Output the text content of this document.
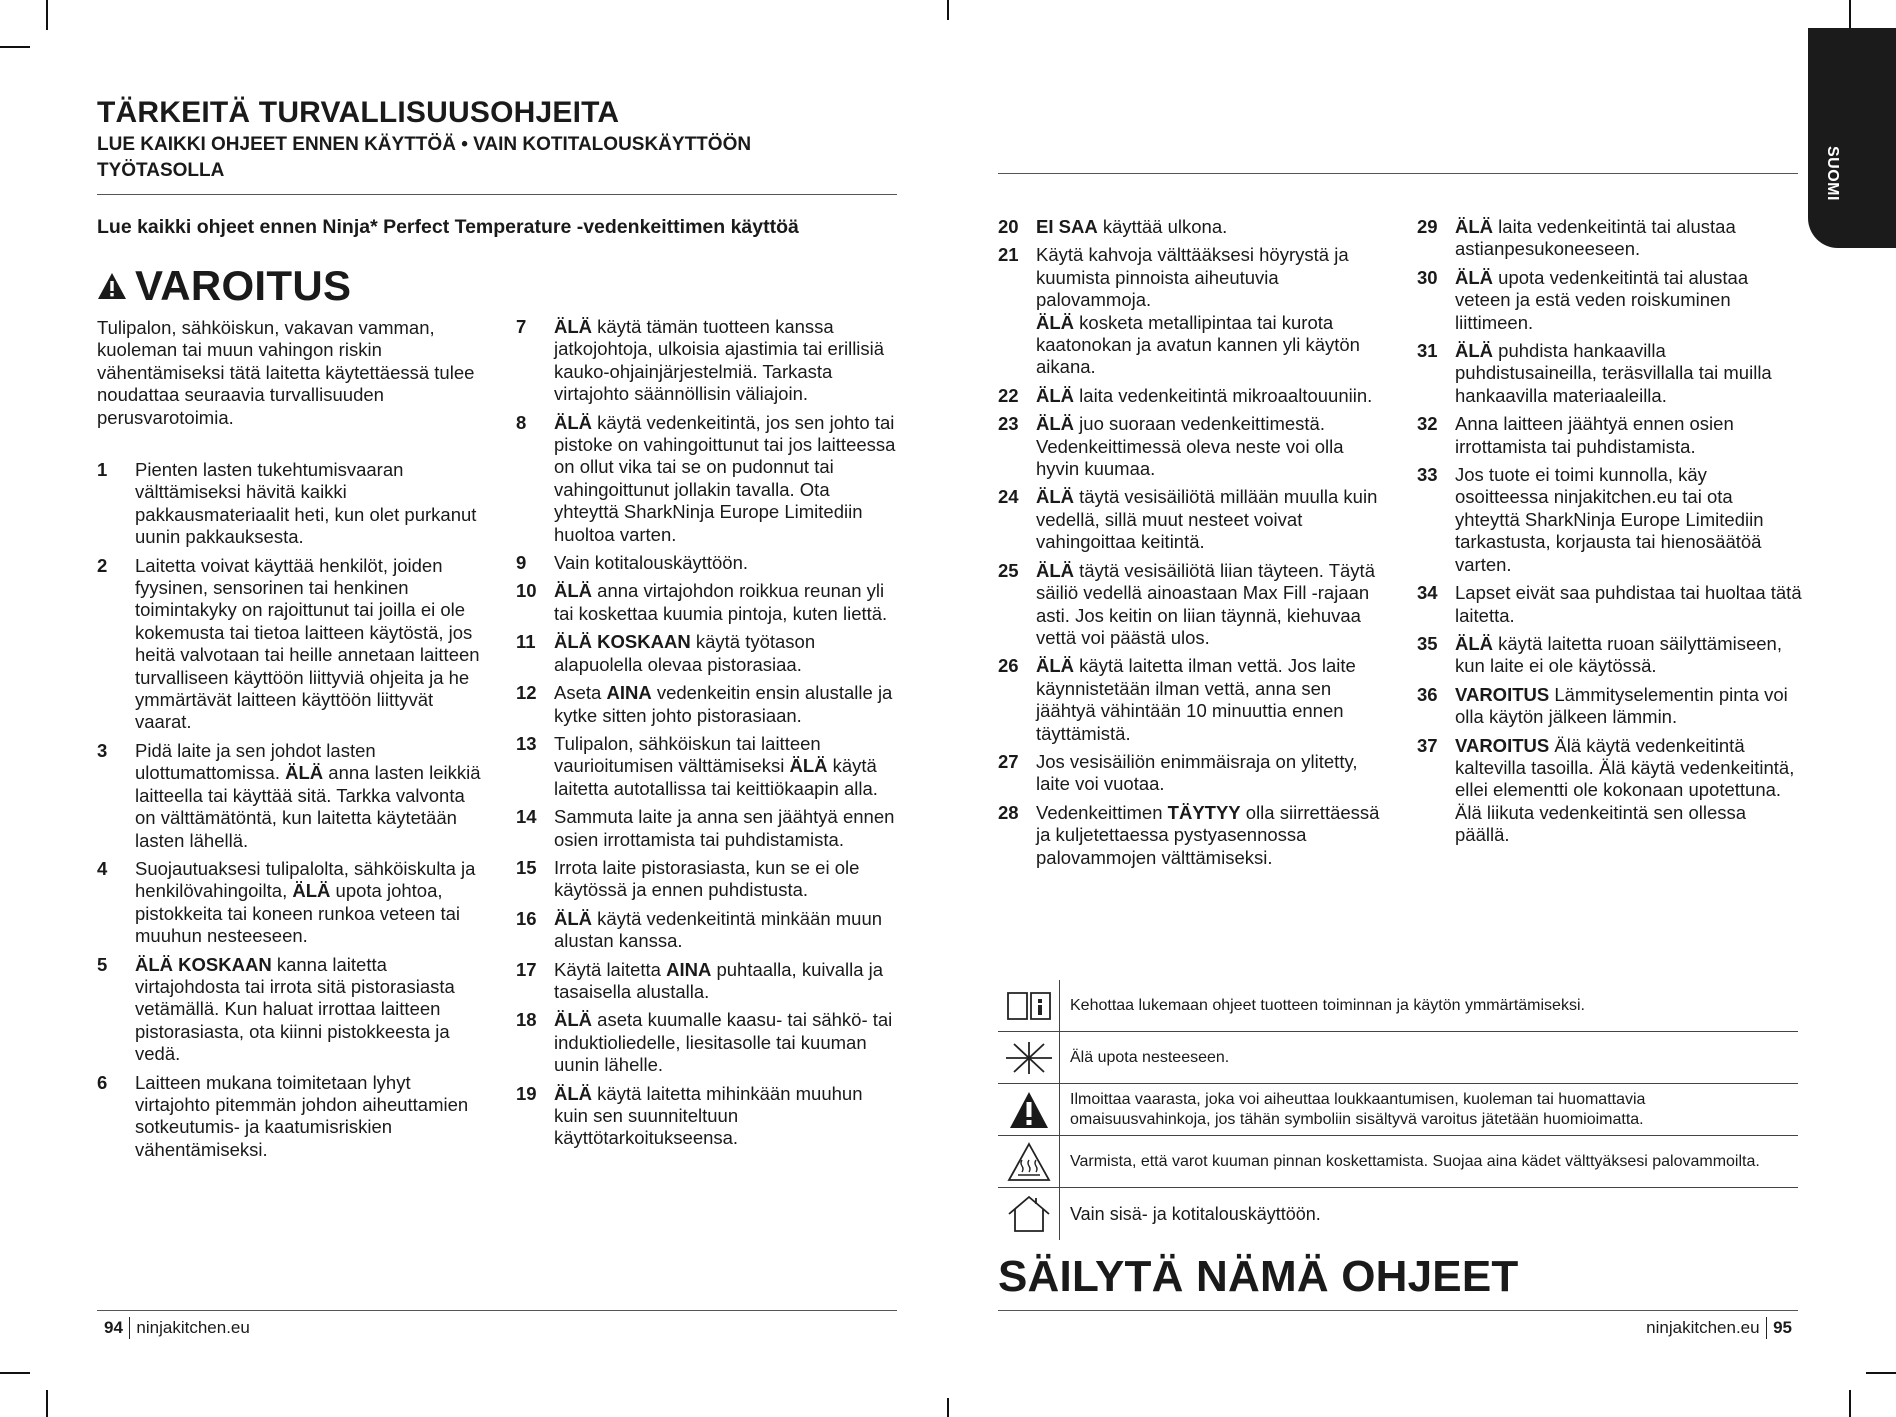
SUOMI
TÄRKEITÄ TURVALLISUUSOHJEITA
LUE KAIKKI OHJEET ENNEN KÄYTTÖÄ • VAIN KOTITALOUSKÄYTTÖÖN
TYÖTASOLLA
Lue kaikki ohjeet ennen Ninja* Perfect Temperature -vedenkeittimen käyttöä
VAROITUS
Tulipalon, sähköiskun, vakavan vamman, kuoleman tai muun vahingon riskin vähentämiseksi tätä laitetta käytettäessä tulee noudattaa seuraavia turvallisuuden perusvarotoimia.
1	Pienten lasten tukehtumisvaaran välttämiseksi hävitä kaikki pakkausmateriaalit heti, kun olet purkanut uunin pakkauksesta.
2	Laitetta voivat käyttää henkilöt, joiden fyysinen, sensorinen tai henkinen toimintakyky on rajoittunut tai joilla ei ole kokemusta tai tietoa laitteen käytöstä, jos heitä valvotaan tai heille annetaan laitteen turvalliseen käyttöön liittyviä ohjeita ja he ymmärtävät laitteen käyttöön liittyvät vaarat.
3	Pidä laite ja sen johdot lasten ulottumattomissa. ÄLÄ anna lasten leikkiä laitteella tai käyttää sitä. Tarkka valvonta on välttämätöntä, kun laitetta käytetään lasten lähellä.
4	Suojautuaksesi tulipalolta, sähköiskulta ja henkilövahingoilta, ÄLÄ upota johtoa, pistokkeita tai koneen runkoa veteen tai muuhun nesteeseen.
5	ÄLÄ KOSKAAN kanna laitetta virtajohdosta tai irrota sitä pistorasiasta vetämällä. Kun haluat irrottaa laitteen pistorasiasta, ota kiinni pistokkeesta ja vedä.
6	Laitteen mukana toimitetaan lyhyt virtajohto pitemmän johdon aiheuttamien sotkeutumis- ja kaatumisriskien vähentämiseksi.
7	ÄLÄ käytä tämän tuotteen kanssa jatkojohtoja, ulkoisia ajastimia tai erillisiä kauko-ohjainjärjestelmiä. Tarkasta virtajohto säännöllisin väliajoin.
8	ÄLÄ käytä vedenkeitintä, jos sen johto tai pistoke on vahingoittunut tai jos laitteessa on ollut vika tai se on pudonnut tai vahingoittunut jollakin tavalla. Ota yhteyttä SharkNinja Europe Limitediin huoltoa varten.
9	Vain kotitalouskäyttöön.
10 ÄLÄ anna virtajohdon roikkua reunan yli tai koskettaa kuumia pintoja, kuten liettä.
11 ÄLÄ KOSKAAN käytä työtason alapuolella olevaa pistorasiaa.
12 Aseta AINA vedenkeitin ensin alustalle ja kytke sitten johto pistorasiaan.
13 Tulipalon, sähköiskun tai laitteen vaurioitumisen välttämiseksi ÄLÄ käytä laitetta autotallissa tai keittiökaapin alla.
14 Sammuta laite ja anna sen jäähtyä ennen osien irrottamista tai puhdistamista.
15 Irrota laite pistorasiasta, kun se ei ole käytössä ja ennen puhdistusta.
16 ÄLÄ käytä vedenkeitintä minkään muun alustan kanssa.
17 Käytä laitetta AINA puhtaalla, kuivalla ja tasaisella alustalla.
18 ÄLÄ aseta kuumalle kaasu- tai sähkö- tai induktioliedelle, liesitasolle tai kuuman uunin lähelle.
19 ÄLÄ käytä laitetta mihinkään muuhun kuin sen suunniteltuun käyttötarkoitukseensa.
20 EI SAA käyttää ulkona.
21 Käytä kahvoja välttääksesi höyrystä ja kuumista pinnoista aiheutuvia palovammoja.
ÄLÄ kosketa metallipintaa tai kurota kaatonokan ja avatun kannen yli käytön aikana.
22 ÄLÄ laita vedenkeitintä mikroaaltouuniin.
23 ÄLÄ juo suoraan vedenkeittimestä. Vedenkeittimessä oleva neste voi olla hyvin kuumaa.
24 ÄLÄ täytä vesisäiliötä millään muulla kuin vedellä, sillä muut nesteet voivat vahingoittaa keitintä.
25 ÄLÄ täytä vesisäiliötä liian täyteen. Täytä säiliö vedellä ainoastaan Max Fill -rajaan asti. Jos keitin on liian täynnä, kiehuvaa vettä voi päästä ulos.
26 ÄLÄ käytä laitetta ilman vettä. Jos laite käynnistetään ilman vettä, anna sen jäähtyä vähintään 10 minuuttia ennen täyttämistä.
27 Jos vesisäiliön enimmäisraja on ylitetty, laite voi vuotaa.
28 Vedenkeittimen TÄYTYY olla siirrettäessä ja kuljetettaessa pystyasennossa palovammojen välttämiseksi.
29 ÄLÄ laita vedenkeitintä tai alustaa astianpesukoneeseen.
30 ÄLÄ upota vedenkeitintä tai alustaa veteen ja estä veden roiskuminen liittimeen.
31 ÄLÄ puhdista hankaavilla puhdistusaineilla, teräsvillalla tai muilla hankaavilla materiaaleilla.
32 Anna laitteen jäähtyä ennen osien irrottamista tai puhdistamista.
33 Jos tuote ei toimi kunnolla, käy osoitteessa ninjakitchen.eu tai ota yhteyttä SharkNinja Europe Limitediin tarkastusta, korjausta tai hienosäätöä varten.
34 Lapset eivät saa puhdistaa tai huoltaa tätä laitetta.
35 ÄLÄ käytä laitetta ruoan säilyttämiseen, kun laite ei ole käytössä.
36 VAROITUS Lämmityselementin pinta voi olla käytön jälkeen lämmin.
37 VAROITUS Älä käytä vedenkeitintä kaltevilla tasoilla. Älä käytä vedenkeitintä, ellei elementti ole kokonaan upotettuna. Älä liikuta vedenkeitintä sen ollessa päällä.
Kehottaa lukemaan ohjeet tuotteen toiminnan ja käytön ymmärtämiseksi.
Älä upota nesteeseen.
Ilmoittaa vaarasta, joka voi aiheuttaa loukkaantumisen, kuoleman tai huomattavia omaisuusvahinkoja, jos tähän symboliin sisältyvä varoitus jätetään huomioimatta.
Varmista, että varot kuuman pinnan koskettamista. Suojaa aina kädet välttyäksesi palovammoilta.
Vain sisä- ja kotitalouskäyttöön.
SÄILYTÄ NÄMÄ OHJEET
94 ninjakitchen.eu	ninjakitchen.eu 95
